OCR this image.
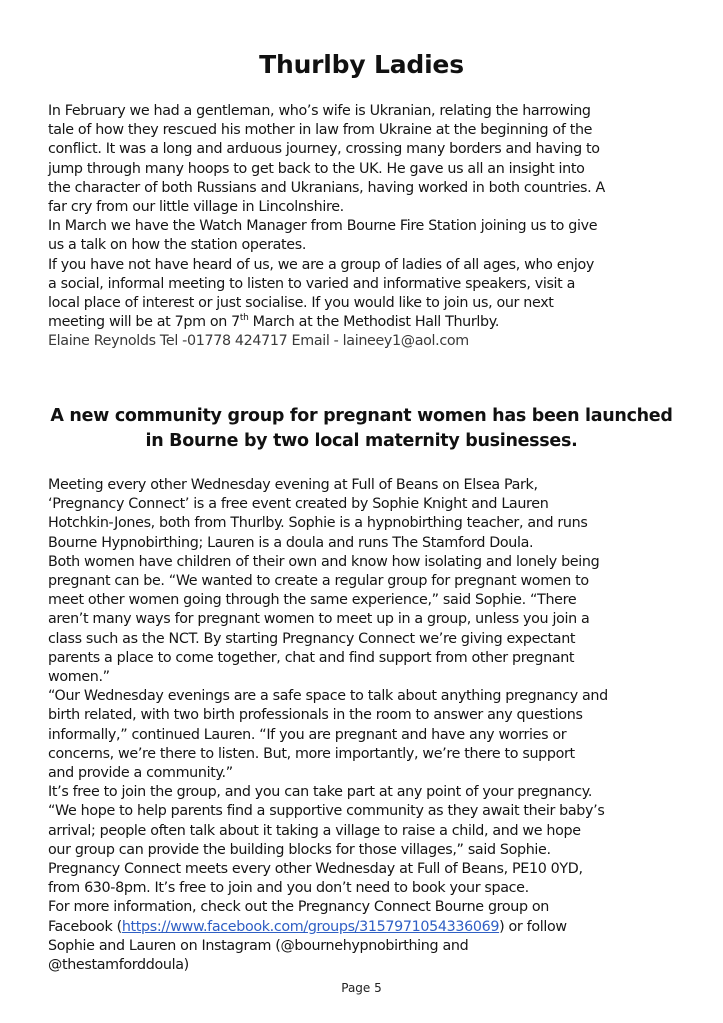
Thurlby Ladies
In February we had a gentleman, who’s wife is Ukranian, relating the harrowing
tale of how they rescued his mother in law from Ukraine at the beginning of the
conflict. It was a long and arduous journey, crossing many borders and having to
jump through many hoops to get back to the UK. He gave us all an insight into
the character of both Russians and Ukranians, having worked in both countries. A
far cry from our little village in Lincolnshire.
In March we have the Watch Manager from Bourne Fire Station joining us to give
us a talk on how the station operates.
If you have not have heard of us, we are a group of ladies of all ages, who enjoy
a social, informal meeting to listen to varied and informative speakers, visit a
local place of interest or just socialise. If you would like to join us, our next
meeting will be at 7pm on 7th March at the Methodist Hall Thurlby.
Elaine Reynolds Tel -01778 424717 Email - laineey1@aol.com
A new community group for pregnant women has been launched
in Bourne by two local maternity businesses.
Meeting every other Wednesday evening at Full of Beans on Elsea Park,
‘Pregnancy Connect’ is a free event created by Sophie Knight and Lauren
Hotchkin-Jones, both from Thurlby. Sophie is a hypnobirthing teacher, and runs
Bourne Hypnobirthing; Lauren is a doula and runs The Stamford Doula.
Both women have children of their own and know how isolating and lonely being
pregnant can be. “We wanted to create a regular group for pregnant women to
meet other women going through the same experience,” said Sophie. “There
aren’t many ways for pregnant women to meet up in a group, unless you join a
class such as the NCT. By starting Pregnancy Connect we’re giving expectant
parents a place to come together, chat and find support from other pregnant
women.”
“Our Wednesday evenings are a safe space to talk about anything pregnancy and
birth related, with two birth professionals in the room to answer any questions
informally,” continued Lauren. “If you are pregnant and have any worries or
concerns, we’re there to listen. But, more importantly, we’re there to support
and provide a community.”
It’s free to join the group, and you can take part at any point of your pregnancy.
“We hope to help parents find a supportive community as they await their baby’s
arrival; people often talk about it taking a village to raise a child, and we hope
our group can provide the building blocks for those villages,” said Sophie.
Pregnancy Connect meets every other Wednesday at Full of Beans, PE10 0YD,
from 630-8pm. It’s free to join and you don’t need to book your space.
For more information, check out the Pregnancy Connect Bourne group on
Facebook (https://www.facebook.com/groups/3157971054336069) or follow
Sophie and Lauren on Instagram (@bournehypnobirthing and
@thestamforddoula)
Page 5
